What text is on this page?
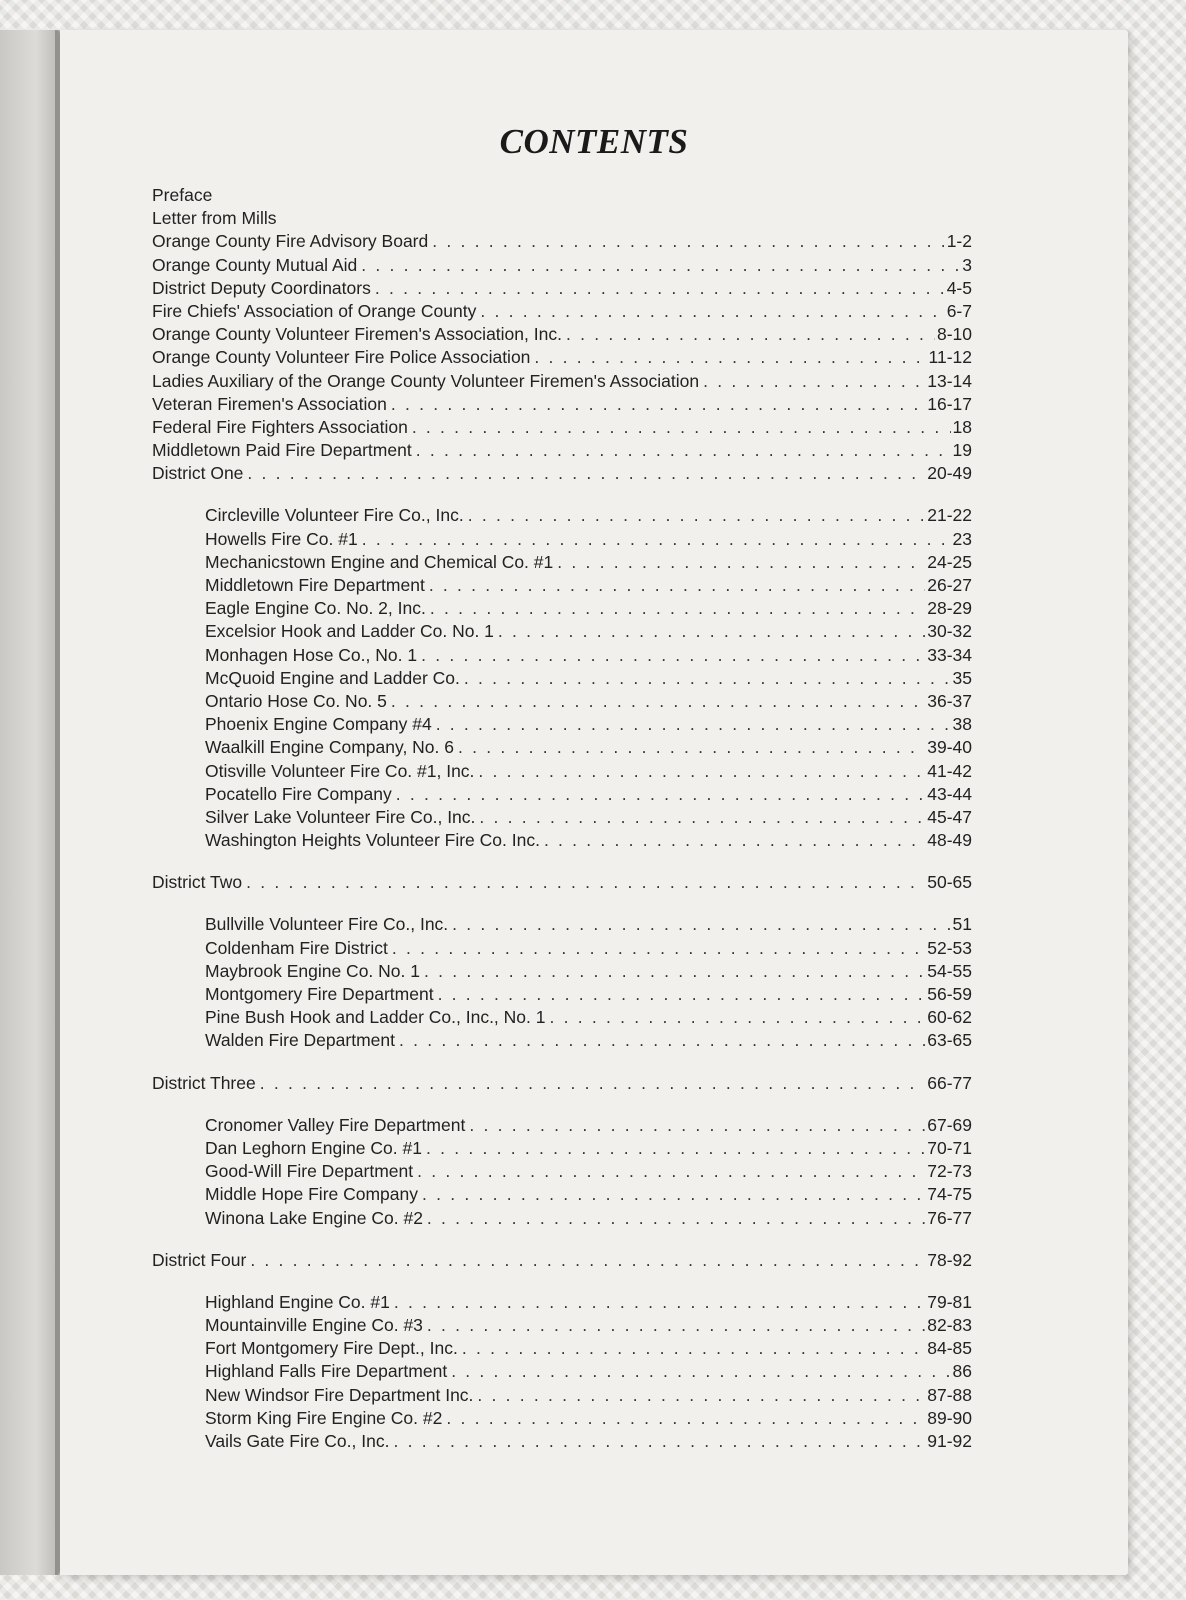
CONTENTS
Preface
Letter from Mills
Orange County Fire Advisory Board . . .	1-2
Orange County Mutual Aid . . .	3
District Deputy Coordinators . . .	4-5
Fire Chiefs' Association of Orange County . . .	6-7
Orange County Volunteer Firemen's Association, Inc. . . .	8-10
Orange County Volunteer Fire Police Association . . .	11-12
Ladies Auxiliary of the Orange County Volunteer Firemen's Association . . .	13-14
Veteran Firemen's Association . . .	16-17
Federal Fire Fighters Association . . .	18
Middletown Paid Fire Department . . .	19
District One . . .	20-49
Circleville Volunteer Fire Co., Inc. . . .	21-22
Howells Fire Co. #1 . . .	23
Mechanicstown Engine and Chemical Co. #1 . . .	24-25
Middletown Fire Department . . .	26-27
Eagle Engine Co. No. 2, Inc. . . .	28-29
Excelsior Hook and Ladder Co. No. 1 . . .	30-32
Monhagen Hose Co., No. 1 . . .	33-34
McQuoid Engine and Ladder Co. . . .	35
Ontario Hose Co. No. 5 . . .	36-37
Phoenix Engine Company #4 . . .	38
Waalkill Engine Company, No. 6 . . .	39-40
Otisville Volunteer Fire Co. #1, Inc. . . .	41-42
Pocatello Fire Company . . .	43-44
Silver Lake Volunteer Fire Co., Inc. . . .	45-47
Washington Heights Volunteer Fire Co. Inc. . . .	48-49
District Two . . .	50-65
Bullville Volunteer Fire Co., Inc. . . .	51
Coldenham Fire District . . .	52-53
Maybrook Engine Co. No. 1 . . .	54-55
Montgomery Fire Department . . .	56-59
Pine Bush Hook and Ladder Co., Inc., No. 1 . . .	60-62
Walden Fire Department . . .	63-65
District Three . . .	66-77
Cronomer Valley Fire Department . . .	67-69
Dan Leghorn Engine Co. #1 . . .	70-71
Good-Will Fire Department . . .	72-73
Middle Hope Fire Company . . .	74-75
Winona Lake Engine Co. #2 . . .	76-77
District Four . . .	78-92
Highland Engine Co. #1 . . .	79-81
Mountainville Engine Co. #3 . . .	82-83
Fort Montgomery Fire Dept., Inc. . . .	84-85
Highland Falls Fire Department . . .	86
New Windsor Fire Department Inc. . . .	87-88
Storm King Fire Engine Co. #2 . . .	89-90
Vails Gate Fire Co., Inc. . . .	91-92
